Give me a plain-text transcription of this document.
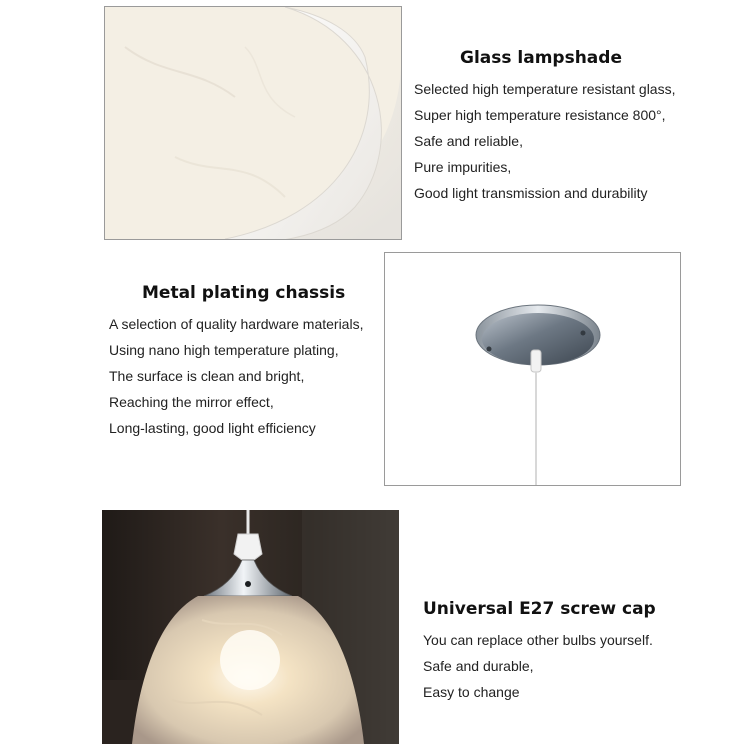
Glass lampshade
Selected high temperature resistant glass,
Super high temperature resistance 800°,
Safe and reliable,
Pure impurities,
Good light transmission and durability
Metal plating chassis
A selection of quality hardware materials,
Using nano high temperature plating,
The surface is clean and bright,
Reaching the mirror effect,
Long-lasting, good light efficiency
Universal E27 screw cap
You can replace other bulbs yourself.
Safe and durable,
Easy to change
